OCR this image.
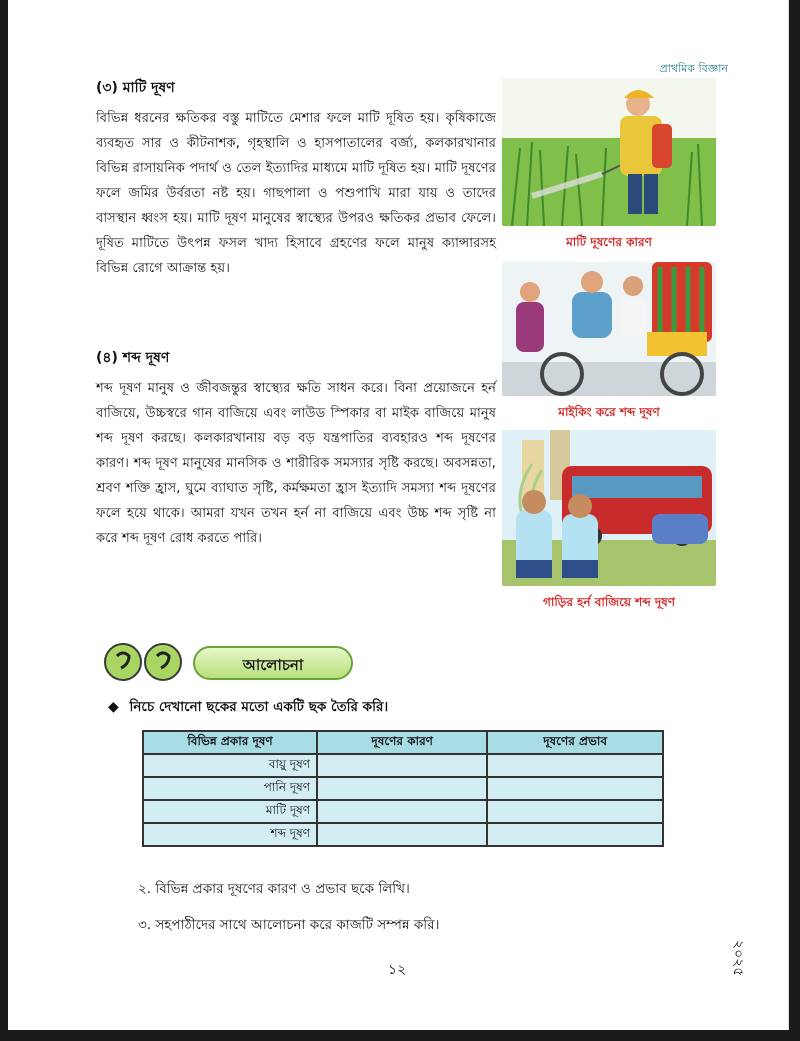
প্রাথমিক বিজ্ঞান
(৩) মাটি দূষণ

বিভিন্ন ধরনের ক্ষতিকর বস্তু মাটিতে মেশার ফলে মাটি দূষিত হয়। কৃষিকাজে ব্যবহৃত সার ও কীটনাশক, গৃহস্থালি ও হাসপাতালের বর্জ্য, কলকারখানার বিভিন্ন রাসায়নিক পদার্থ ও তেল ইত্যাদির মাধ্যমে মাটি দূষিত হয়। মাটি দূষণের ফলে জমির উর্বরতা নষ্ট হয়। গাছপালা ও পশুপাখি মারা যায় ও তাদের বাসস্থান ধ্বংস হয়। মাটি দূষণ মানুষের স্বাস্থ্যের উপরও ক্ষতিকর প্রভাব ফেলে। দূষিত মাটিতে উৎপন্ন ফসল খাদ্য হিসাবে গ্রহণের ফলে মানুষ ক্যান্সারসহ বিভিন্ন রোগে আক্রান্ত হয়।

(৪) শব্দ দূষণ

শব্দ দূষণ মানুষ ও জীবজন্তুর স্বাস্থ্যের ক্ষতি সাধন করে। বিনা প্রয়োজনে হর্ন বাজিয়ে, উচ্চস্বরে গান বাজিয়ে এবং লাউড স্পিকার বা মাইক বাজিয়ে মানুষ শব্দ দূষণ করছে। কলকারখানায় বড় বড় যন্ত্রপাতির ব্যবহারও শব্দ দূষণের কারণ। শব্দ দূষণ মানুষের মানসিক ও শারীরিক সমস্যার সৃষ্টি করছে। অবসন্নতা, শ্রবণ শক্তি হ্রাস, ঘুমে ব্যাঘাত সৃষ্টি, কর্মক্ষমতা হ্রাস ইত্যাদি সমস্যা শব্দ দূষণের ফলে হয়ে থাকে। আমরা যখন তখন হর্ন না বাজিয়ে এবং উচ্চ শব্দ সৃষ্টি না করে শব্দ দূষণ রোধ করতে পারি।

মাটি দূষণের কারণ
মাইকিং করে শব্দ দূষণ
গাড়ির হর্ন বাজিয়ে শব্দ দূষণ
আলোচনা
◆ নিচে দেখানো ছকের মতো একটি ছক তৈরি করি।
বিভিন্ন প্রকার দূষণ	দূষণের কারণ	দূষণের প্রভাব
বায়ু দূষণ		
পানি দূষণ		
মাটি দূষণ		
শব্দ দূষণ		
২. বিভিন্ন প্রকার দূষণের কারণ ও প্রভাব ছকে লিখি।
৩. সহপাঠীদের সাথে আলোচনা করে কাজটি সম্পন্ন করি।
১২	২০২৫
